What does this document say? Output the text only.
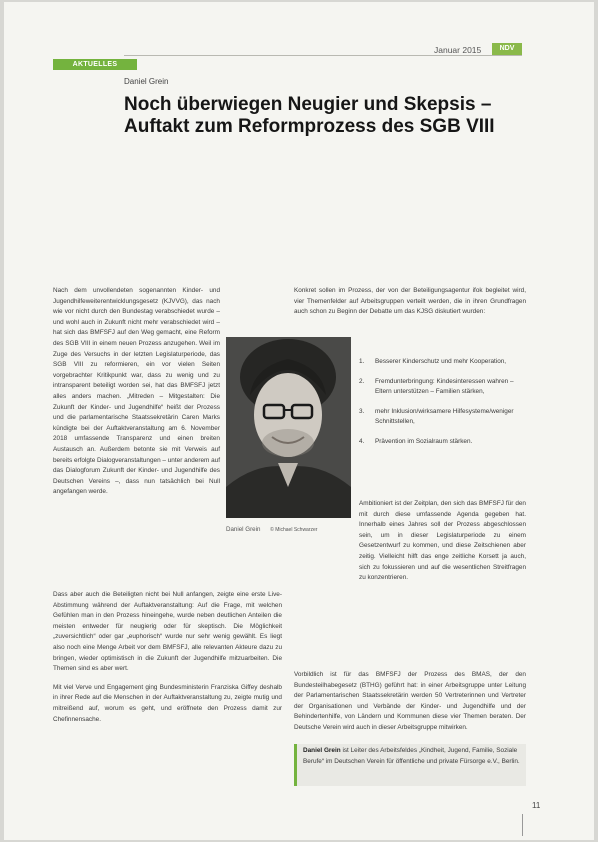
Januar 2015	NDV
AKTUELLES
Daniel Grein
Noch überwiegen Neugier und Skepsis – Auftakt zum Reformprozess des SGB VIII

Nach dem unvollendeten sogenannten Kinder- und Jugendhilfeweiterentwicklungsgesetz (KJVVG), das nach wie vor nicht durch den Bundestag verabschiedet wurde – und wohl auch in Zukunft nicht mehr verabschiedet wird – hat sich das BMFSFJ auf den Weg gemacht, eine Reform des SGB VIII in einem neuen Prozess anzugehen. Weil im Zuge des Versuchs in der letzten Legislaturperiode, das SGB VIII zu reformieren, ein vor vielen Seiten vorgebrachter Kritikpunkt war, dass zu wenig und zu intransparent beteiligt worden sei, hat das BMFSFJ jetzt alles anders machen. „Mitreden – Mitgestalten: Die Zukunft der Kinder- und Jugendhilfe“ heißt der Prozess und die parlamentarische Staatssekretärin Caren Marks kündigte bei der Auftaktveranstaltung am 6. November 2018 umfassende Transparenz und einen breiten Austausch an. Außerdem betonte sie mit Verweis auf bereits erfolgte Dialogveranstaltungen – unter anderem auf das Dialogforum Zukunft der Kinder- und Jugendhilfe des Deutschen Vereins –, dass nun tatsächlich bei Null angefangen werde.

Dass aber auch die Beteiligten nicht bei Null anfangen, zeigte eine erste Live-Abstimmung während der Auftaktveranstaltung: Auf die Frage, mit welchen Gefühlen man in den Prozess hineingehe, wurde neben deutlichen Anteilen die meisten entweder für neugierig oder für skeptisch. Die Möglichkeit „zuversichtlich“ oder gar „euphorisch“ wurde nur sehr wenig gewählt. Es liegt also noch eine Menge Arbeit vor dem BMFSFJ, alle relevanten Akteure dazu zu bringen, wieder optimistisch in die Zukunft der Jugendhilfe mitzuarbeiten. Die Themen sind es aber wert.

Mit viel Verve und Engagement ging Bundesministerin Franziska Giffey deshalb in ihrer Rede auf die Menschen in der Auftaktveranstaltung zu, zeigte mutig und mitreißend auf, worum es geht, und eröffnete den Prozess damit zur Chefinnensache.

Daniel Grein © Michael Schwarzer

Konkret sollen im Prozess, der von der Beteiligungsagentur ifok begleitet wird, vier Themenfelder auf Arbeitsgruppen verteilt werden, die in ihren Grundfragen auch schon zu Beginn der Debatte um das KJSG diskutiert wurden:

1.	Besserer Kinderschutz und mehr Kooperation,
2.	Fremdunterbringung: Kindesinteressen wahren – Eltern unterstützen – Familien stärken,
3.	mehr Inklusion/wirksamere Hilfesysteme/weniger Schnittstellen,
4.	Prävention im Sozialraum stärken.

Ambitioniert ist der Zeitplan, den sich das BMFSFJ für den mit durch diese umfassende Agenda gegeben hat. Innerhalb eines Jahres soll der Prozess abgeschlossen sein, um in dieser Legislaturperiode zu einem Gesetzentwurf zu kommen, und diese Zeitschienen aber zeitig. Vielleicht hilft das enge zeitliche Korsett ja auch, sich zu fokussieren und auf die wesentlichen Streitfragen zu konzentrieren.

Vorbildlich ist für das BMFSFJ der Prozess des BMAS, der den Bundesteilhabegesetz (BTHG) geführt hat: in einer Arbeitsgruppe unter Leitung der Parlamentarischen Staatssekretärin werden 50 Vertreterinnen und Vertreter der Organisationen und Verbände der Kinder- und Jugendhilfe und der Behindertenhilfe, von Ländern und Kommunen diese vier Themen beraten. Der Deutsche Verein wird auch in dieser Arbeitsgruppe mitwirken.

Daniel Grein ist Leiter des Arbeitsfeldes „Kindheit, Jugend, Familie, Soziale Berufe“ im Deutschen Verein für öffentliche und private Fürsorge e.V., Berlin.
11
